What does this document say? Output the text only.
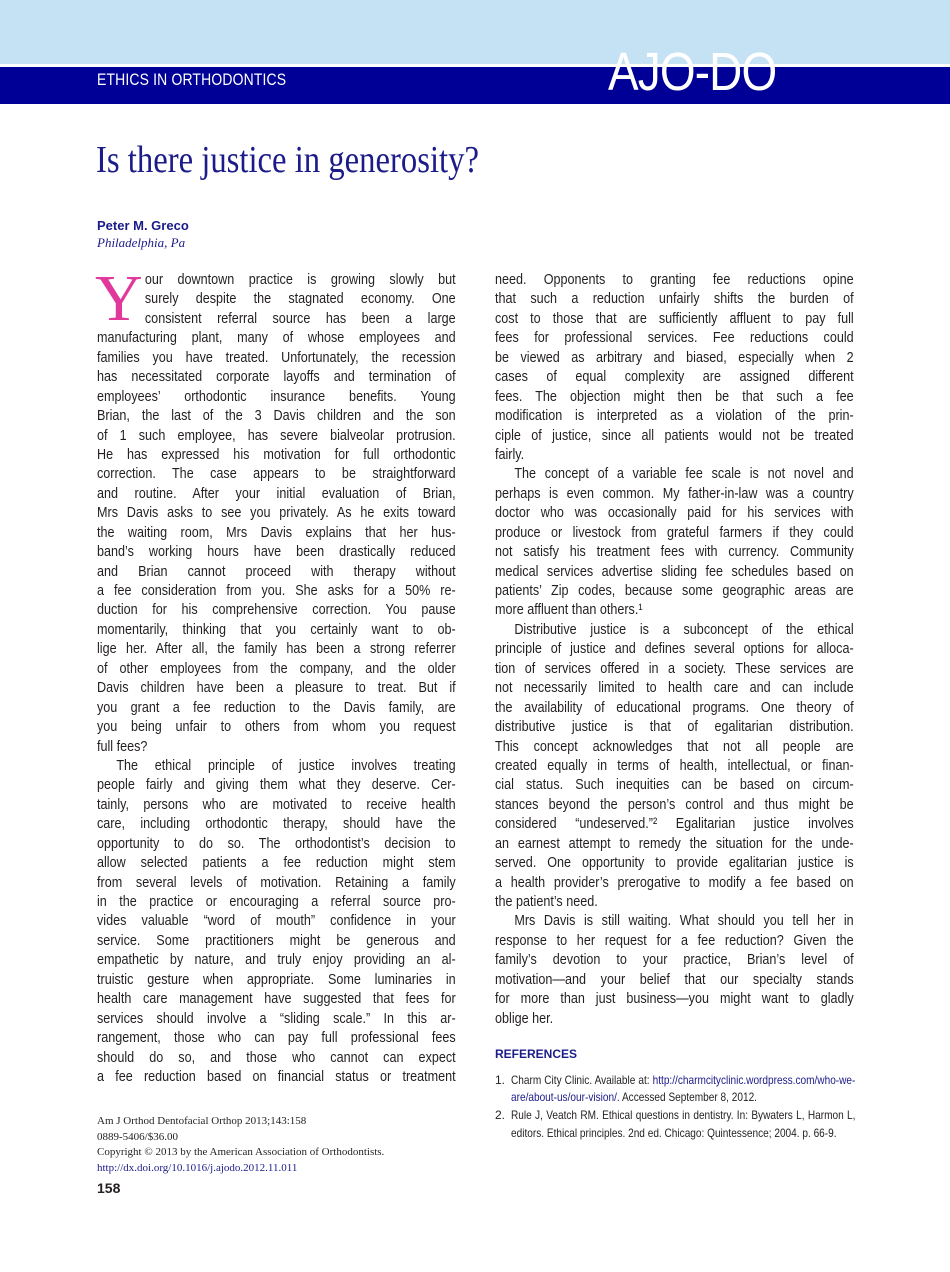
ETHICS IN ORTHODONTICS	AJO-DO
Is there justice in generosity?
Peter M. Greco
Philadelphia, Pa
Y our downtown practice is growing slowly but
surely despite the stagnated economy. One
consistent referral source has been a large
manufacturing plant, many of whose employees and
families you have treated. Unfortunately, the recession
has necessitated corporate layoffs and termination of
employees’ orthodontic insurance benefits. Young
Brian, the last of the 3 Davis children and the son
of 1 such employee, has severe bialveolar protrusion.
He has expressed his motivation for full orthodontic
correction. The case appears to be straightforward
and routine. After your initial evaluation of Brian,
Mrs Davis asks to see you privately. As he exits toward
the waiting room, Mrs Davis explains that her hus-
band’s working hours have been drastically reduced
and Brian cannot proceed with therapy without
a fee consideration from you. She asks for a 50% re-
duction for his comprehensive correction. You pause
momentarily, thinking that you certainly want to ob-
lige her. After all, the family has been a strong referrer
of other employees from the company, and the older
Davis children have been a pleasure to treat. But if
you grant a fee reduction to the Davis family, are
you being unfair to others from whom you request
full fees?
The ethical principle of justice involves treating
people fairly and giving them what they deserve. Cer-
tainly, persons who are motivated to receive health
care, including orthodontic therapy, should have the
opportunity to do so. The orthodontist’s decision to
allow selected patients a fee reduction might stem
from several levels of motivation. Retaining a family
in the practice or encouraging a referral source pro-
vides valuable “word of mouth” confidence in your
service. Some practitioners might be generous and
empathetic by nature, and truly enjoy providing an al-
truistic gesture when appropriate. Some luminaries in
health care management have suggested that fees for
services should involve a “sliding scale.” In this ar-
rangement, those who can pay full professional fees
should do so, and those who cannot can expect
a fee reduction based on financial status or treatment
need. Opponents to granting fee reductions opine
that such a reduction unfairly shifts the burden of
cost to those that are sufficiently affluent to pay full
fees for professional services. Fee reductions could
be viewed as arbitrary and biased, especially when 2
cases of equal complexity are assigned different
fees. The objection might then be that such a fee
modification is interpreted as a violation of the prin-
ciple of justice, since all patients would not be treated
fairly.
The concept of a variable fee scale is not novel and
perhaps is even common. My father-in-law was a country
doctor who was occasionally paid for his services with
produce or livestock from grateful farmers if they could
not satisfy his treatment fees with currency. Community
medical services advertise sliding fee schedules based on
patients’ Zip codes, because some geographic areas are
more affluent than others.¹
Distributive justice is a subconcept of the ethical
principle of justice and defines several options for alloca-
tion of services offered in a society. These services are
not necessarily limited to health care and can include
the availability of educational programs. One theory of
distributive justice is that of egalitarian distribution.
This concept acknowledges that not all people are
created equally in terms of health, intellectual, or finan-
cial status. Such inequities can be based on circum-
stances beyond the person’s control and thus might be
considered “undeserved.”² Egalitarian justice involves
an earnest attempt to remedy the situation for the unde-
served. One opportunity to provide egalitarian justice is
a health provider’s prerogative to modify a fee based on
the patient’s need.
Mrs Davis is still waiting. What should you tell her in
response to her request for a fee reduction? Given the
family’s devotion to your practice, Brian’s level of
motivation—and your belief that our specialty stands
for more than just business—you might want to gladly
oblige her.
REFERENCES
1. Charm City Clinic. Available at: http://charmcityclinic.wordpress.com/who-we-are/about-us/our-vision/. Accessed September 8, 2012.
2. Rule J, Veatch RM. Ethical questions in dentistry. In: Bywaters L, Harmon L, editors. Ethical principles. 2nd ed. Chicago: Quintessence; 2004. p. 66-9.
Am J Orthod Dentofacial Orthop 2013;143:158
0889-5406/$36.00
Copyright © 2013 by the American Association of Orthodontists.
http://dx.doi.org/10.1016/j.ajodo.2012.11.011
158
